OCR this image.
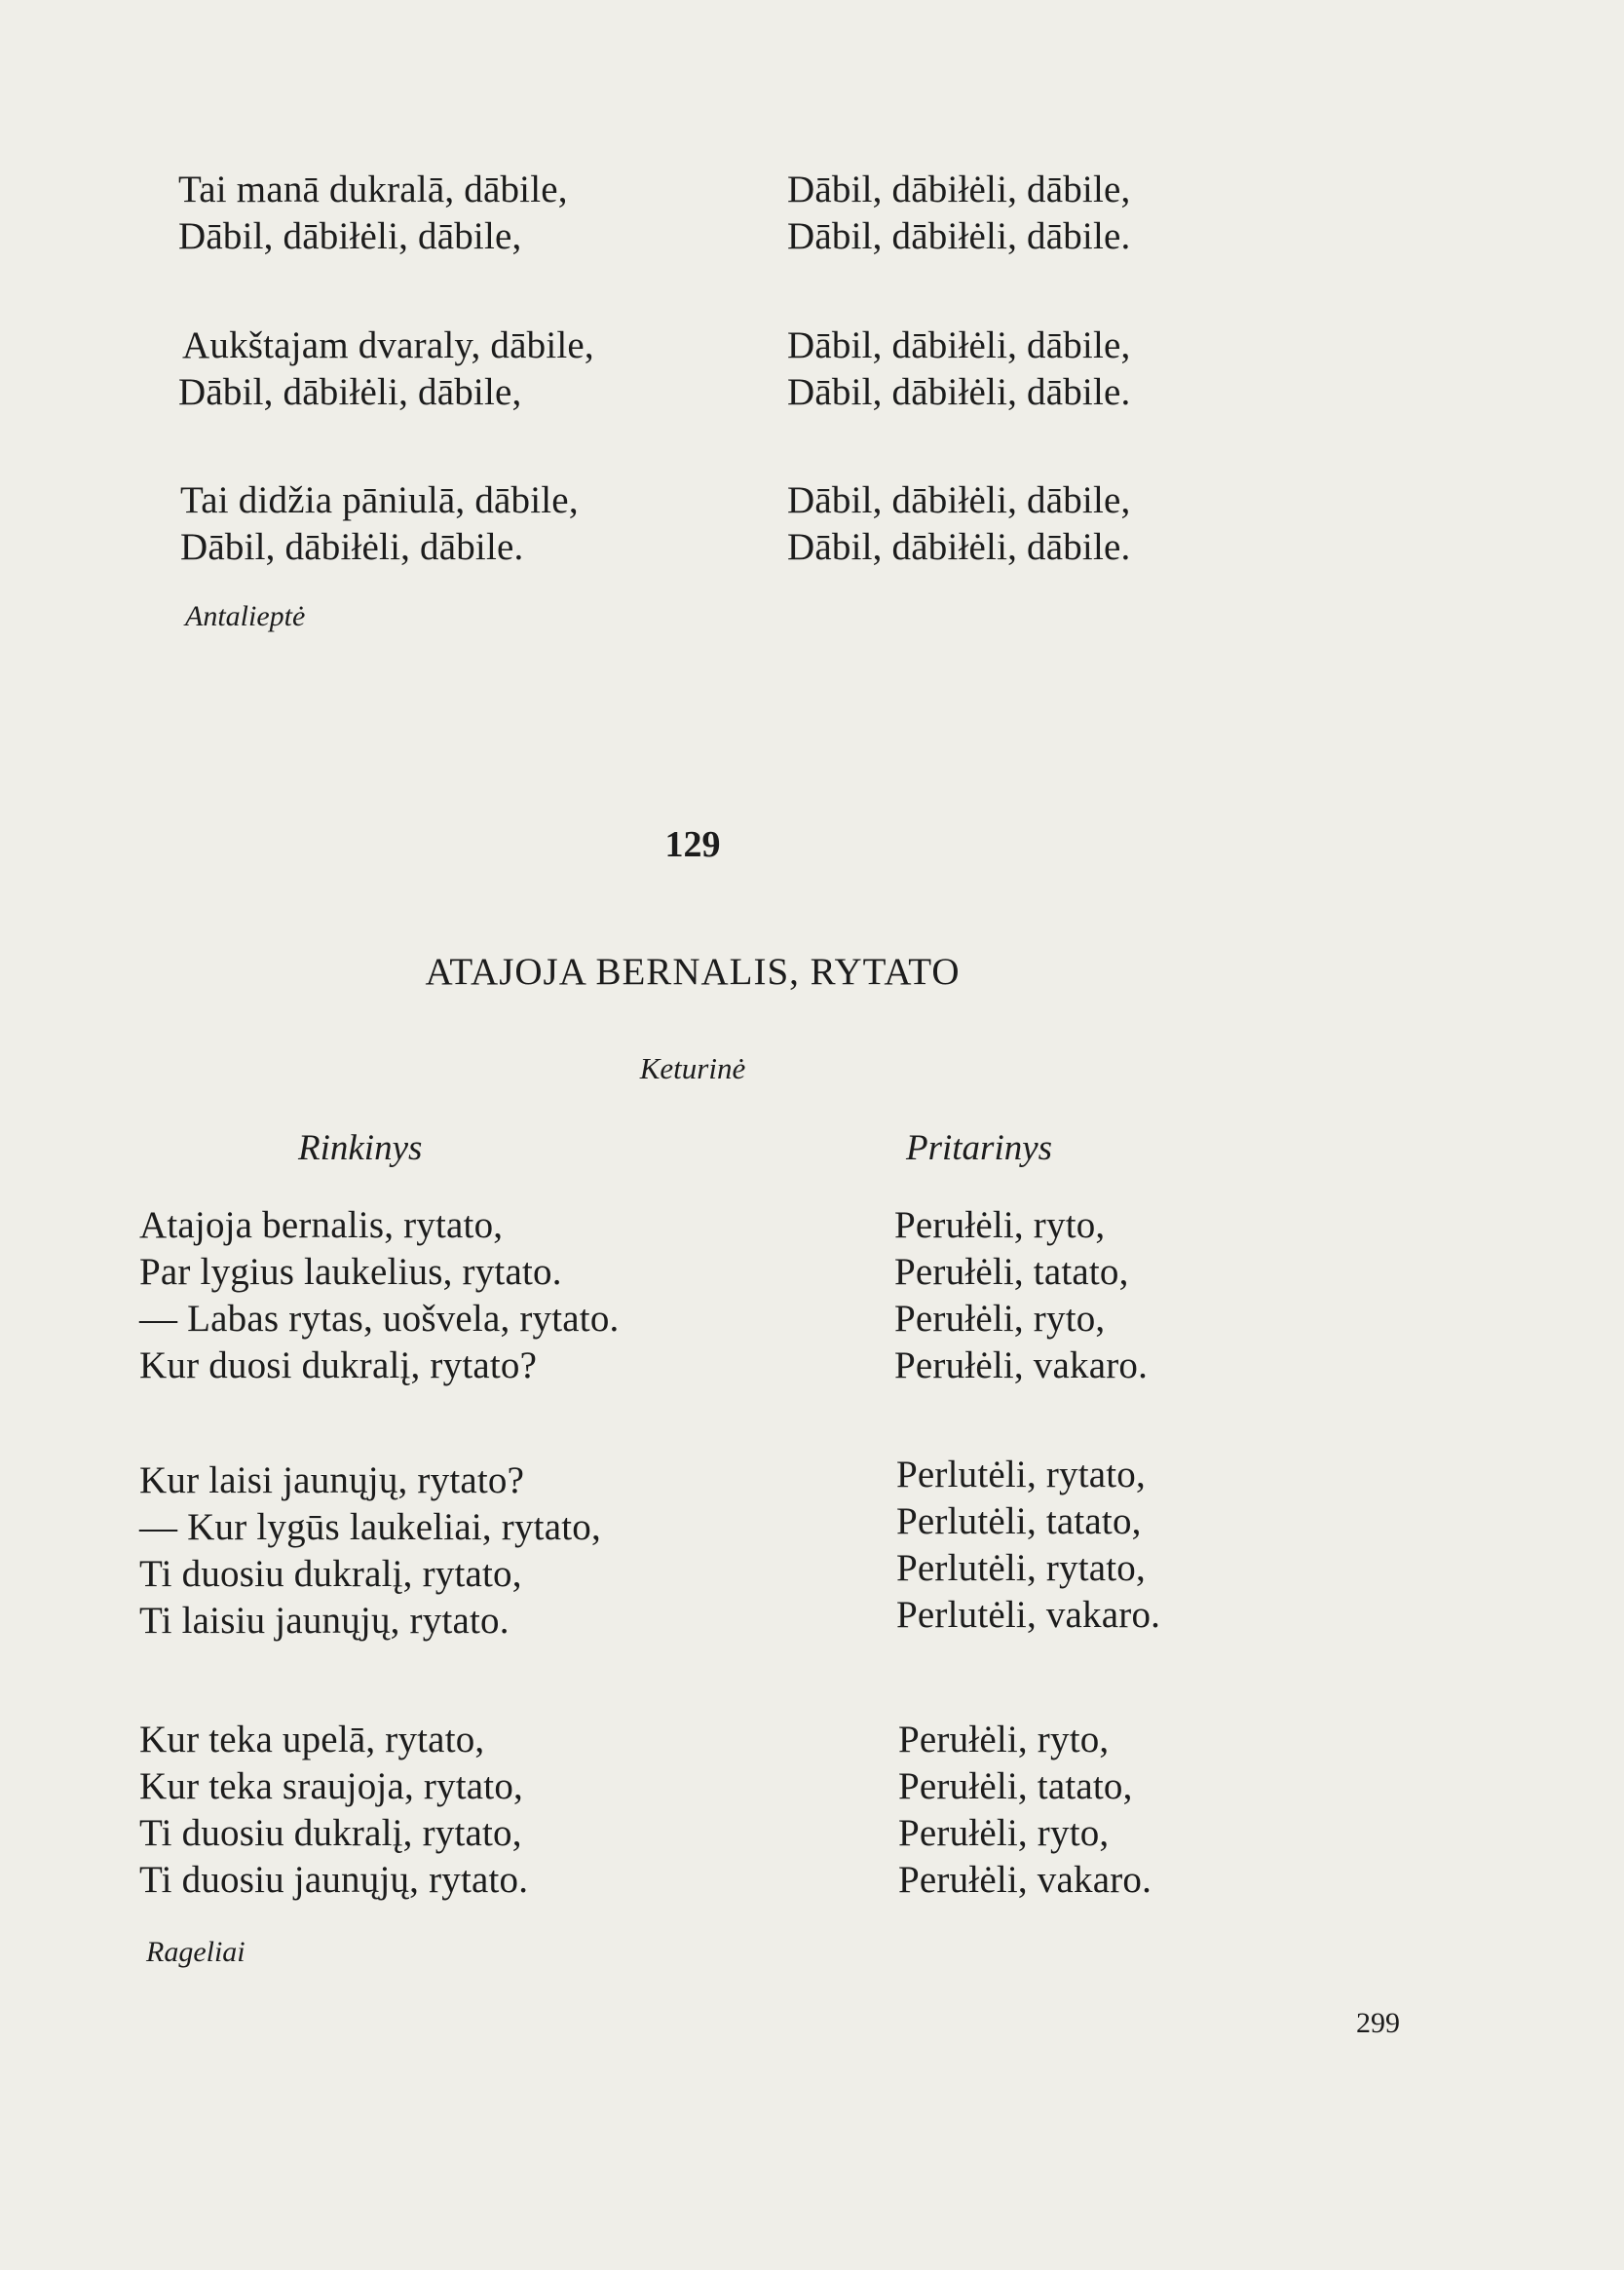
Tai manā dukralā, dābile,
Dābil, dābiłėli, dābile,
Dābil, dābiłėli, dābile,
Dābil, dābiłėli, dābile.
Aukštajam dvaraly, dābile,
Dābil, dābiłėli, dābile,
Dābil, dābiłėli, dābile,
Dābil, dābiłėli, dābile.
Tai didžia pāniulā, dābile,
Dābil, dābiłėli, dābile.
Dābil, dābiłėli, dābile,
Dābil, dābiłėli, dābile.
Antalieptė
129
ATAJOJA BERNALIS, RYTATO
Keturinė
Rinkinys	Pritarinys
Atajoja bernalis, rytato,
Par lygius laukelius, rytato.
— Labas rytas, uošvela, rytato.
Kur duosi dukralį, rytato?
Perułėli, ryto,
Perułėli, tatato,
Perułėli, ryto,
Perułėli, vakaro.
Kur laisi jaunųjų, rytato?
— Kur lygūs laukeliai, rytato,
Ti duosiu dukralį, rytato,
Ti laisiu jaunųjų, rytato.
Perlutėli, rytato,
Perlutėli, tatato,
Perlutėli, rytato,
Perlutėli, vakaro.
Kur teka upelā, rytato,
Kur teka sraujoja, rytato,
Ti duosiu dukralį, rytato,
Ti duosiu jaunųjų, rytato.
Perułėli, ryto,
Perułėli, tatato,
Perułėli, ryto,
Perułėli, vakaro.
Rageliai
299
